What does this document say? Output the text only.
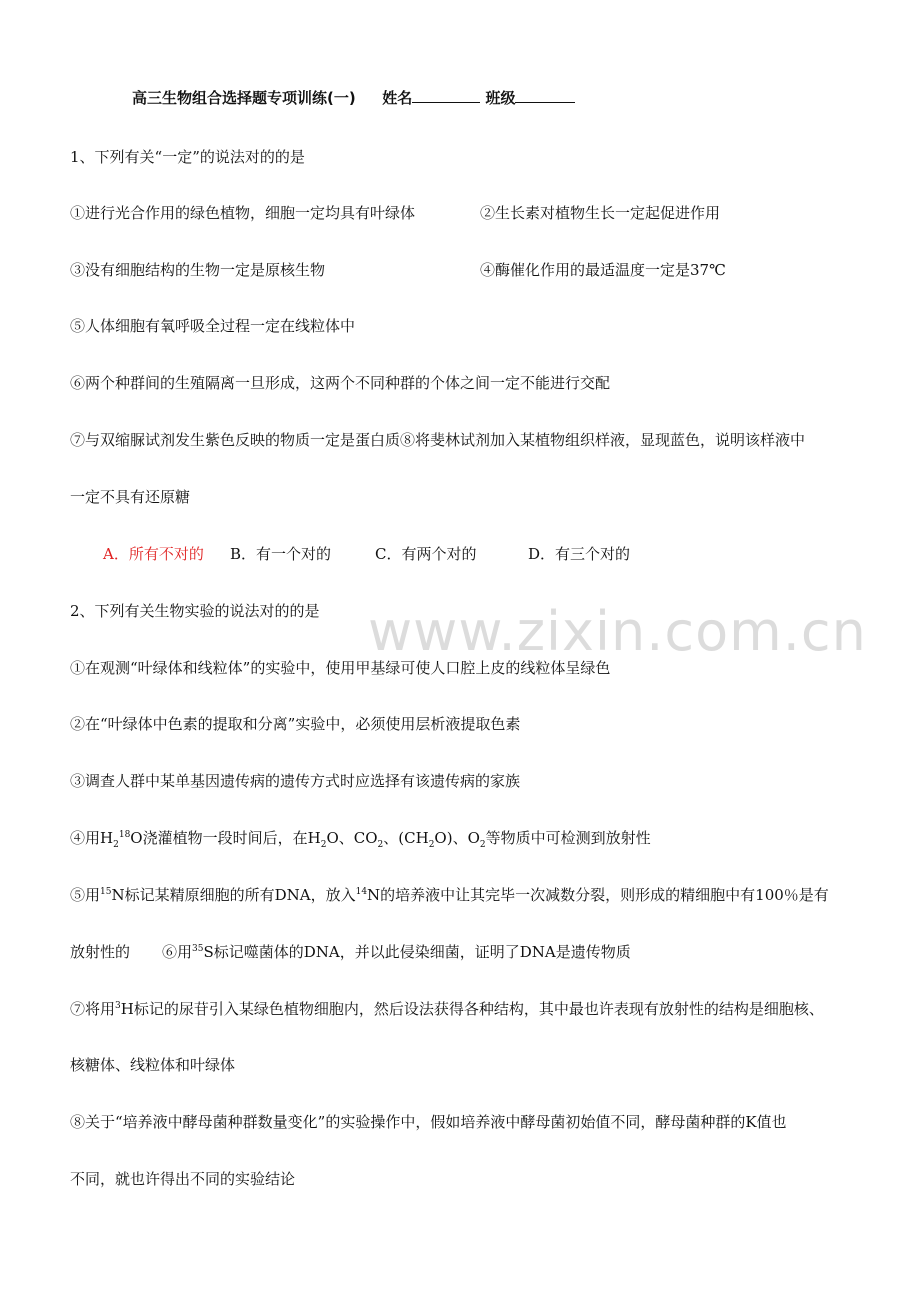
高三生物组合选择题专项训练(一) 姓名	班级
1、下列有关“一定”的说法对的的是
①进行光合作用的绿色植物，细胞一定均具有叶绿体	②生长素对植物生长一定起促进作用
③没有细胞结构的生物一定是原核生物	④酶催化作用的最适温度一定是37℃
⑤人体细胞有氧呼吸全过程一定在线粒体中
⑥两个种群间的生殖隔离一旦形成，这两个不同种群的个体之间一定不能进行交配
⑦与双缩脲试剂发生紫色反映的物质一定是蛋白质⑧将斐林试剂加入某植物组织样液，显现蓝色，说明该样液中
一定不具有还原糖
A．所有不对的 B．有一个对的	C．有两个对的	D．有三个对的
2、下列有关生物实验的说法对的的是
①在观测“叶绿体和线粒体”的实验中，使用甲基绿可使人口腔上皮的线粒体呈绿色
②在“叶绿体中色素的提取和分离”实验中，必须使用层析液提取色素
③调查人群中某单基因遗传病的遗传方式时应选择有该遗传病的家族
④用$H_2^{18}O$浇灌植物一段时间后，在$H_2O$、$CO_2$、$(CH_2O)$、$O_2$等物质中可检测到放射性
⑤用$^{15}$N标记某精原细胞的所有DNA，放入$^{14}$N的培养液中让其完毕一次减数分裂，则形成的精细胞中有100％是有
放射性的 ⑥用$^{35}$S标记噬菌体的DNA，并以此侵染细菌，证明了DNA是遗传物质
⑦将用$^3$H标记的尿苷引入某绿色植物细胞内，然后设法获得各种结构，其中最也许表现有放射性的结构是细胞核、
核糖体、线粒体和叶绿体
⑧关于“培养液中酵母菌种群数量变化”的实验操作中，假如培养液中酵母菌初始值不同，酵母菌种群的K值也
不同，就也许得出不同的实验结论
www.zixin.com.cn
